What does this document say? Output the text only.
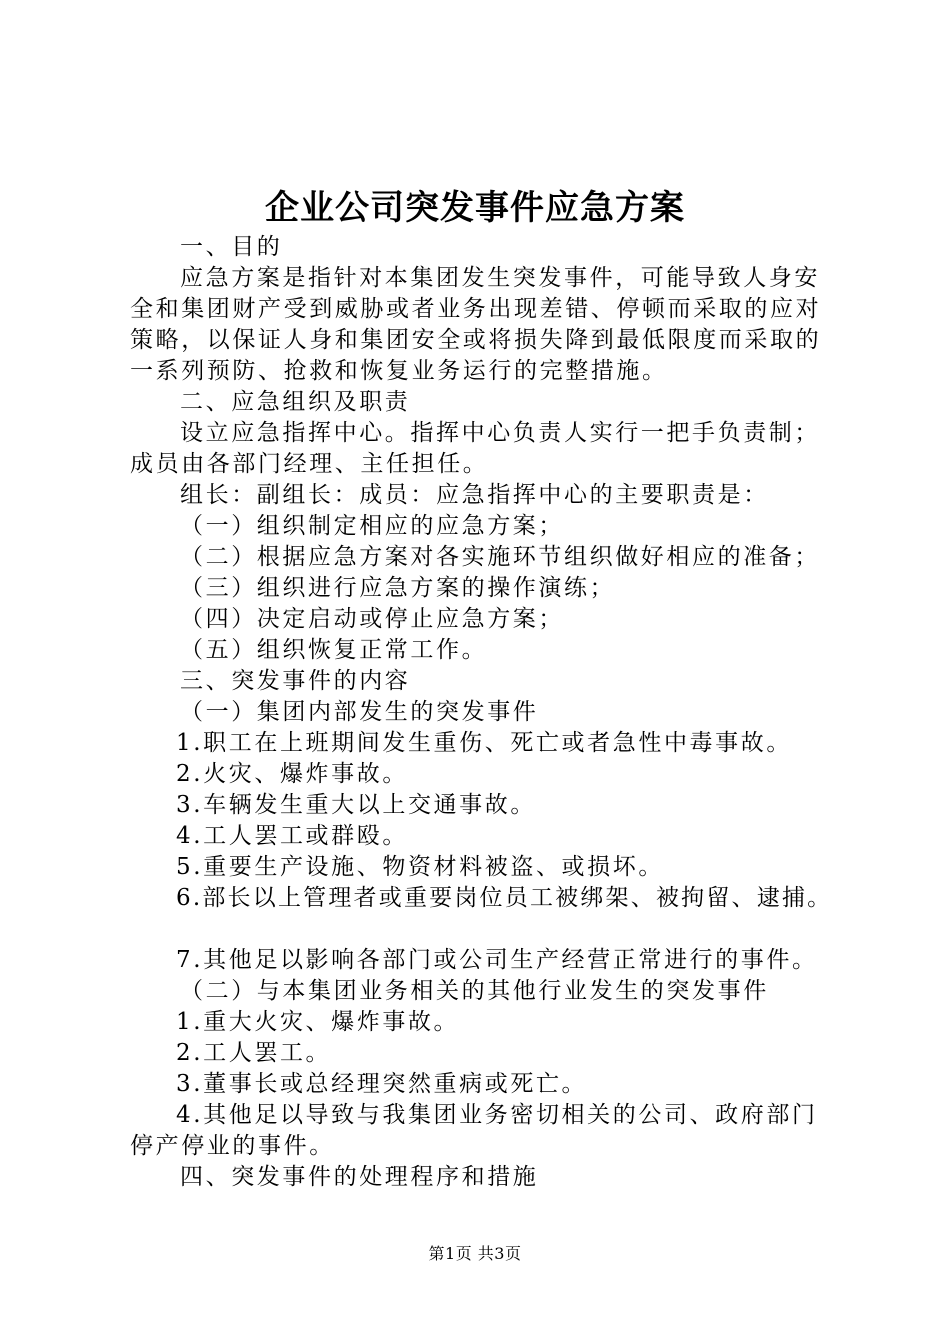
企业公司突发事件应急方案
一、目的
应急方案是指针对本集团发生突发事件，可能导致人身安
全和集团财产受到威胁或者业务出现差错、停顿而采取的应对
策略，以保证人身和集团安全或将损失降到最低限度而采取的
一系列预防、抢救和恢复业务运行的完整措施。
二、应急组织及职责
设立应急指挥中心。指挥中心负责人实行一把手负责制；
成员由各部门经理、主任担任。
组长：副组长：成员：应急指挥中心的主要职责是：
（一）组织制定相应的应急方案；
（二）根据应急方案对各实施环节组织做好相应的准备；
（三）组织进行应急方案的操作演练；
（四）决定启动或停止应急方案；
（五）组织恢复正常工作。
三、突发事件的内容
（一）集团内部发生的突发事件
1.职工在上班期间发生重伤、死亡或者急性中毒事故。
2.火灾、爆炸事故。
3.车辆发生重大以上交通事故。
4.工人罢工或群殴。
5.重要生产设施、物资材料被盗、或损坏。
6.部长以上管理者或重要岗位员工被绑架、被拘留、逮捕。
7.其他足以影响各部门或公司生产经营正常进行的事件。
（二）与本集团业务相关的其他行业发生的突发事件
1.重大火灾、爆炸事故。
2.工人罢工。
3.董事长或总经理突然重病或死亡。
4.其他足以导致与我集团业务密切相关的公司、政府部门
停产停业的事件。
四、突发事件的处理程序和措施
第1页 共3页
